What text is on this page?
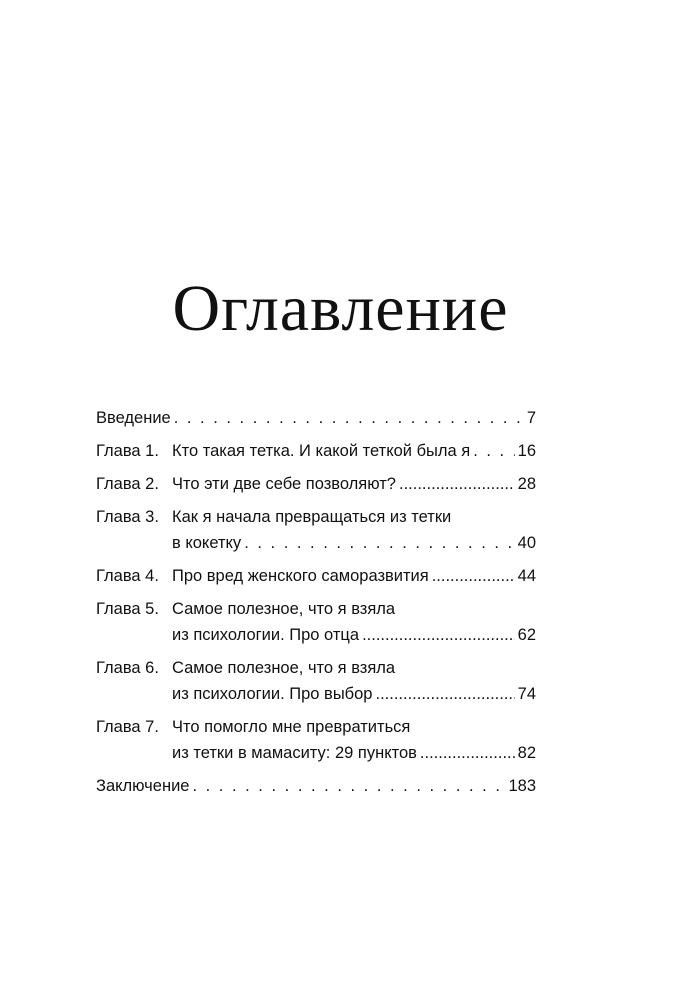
Оглавление
Введение . . .	7
Глава 1. Кто такая тетка. И какой теткой была я . . .	16
Глава 2. Что эти две себе позволяют? .....	28
Глава 3. Как я начала превращаться из тетки
в кокетку . . .	40
Глава 4. Про вред женского саморазвития .....	44
Глава 5. Самое полезное, что я взяла
из психологии. Про отца .....	62
Глава 6. Самое полезное, что я взяла
из психологии. Про выбор .....	74
Глава 7. Что помогло мне превратиться
из тетки в мамаситу: 29 пунктов .....	82
Заключение . . .	183
